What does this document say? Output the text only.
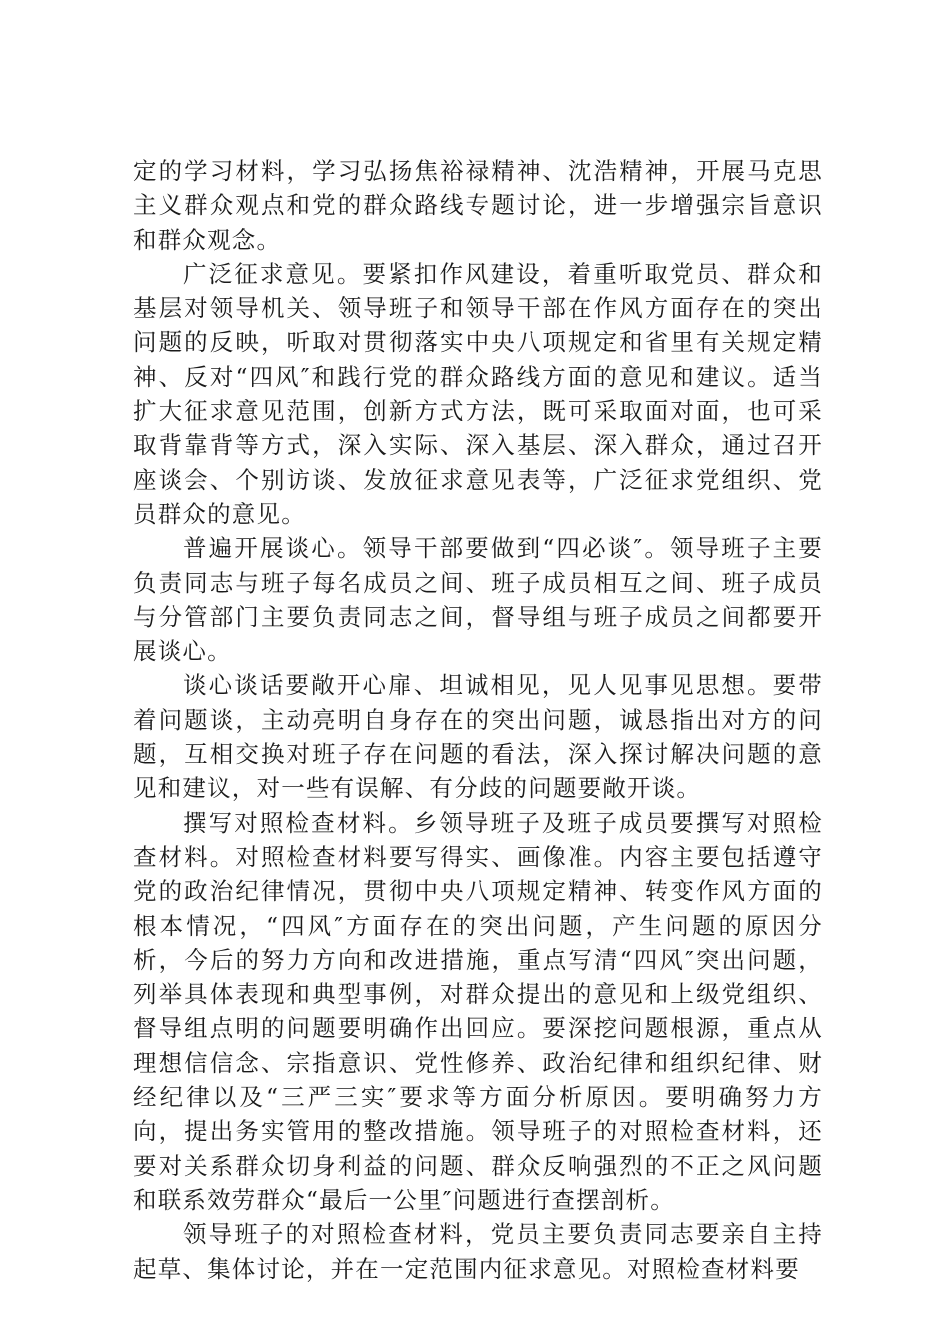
定的学习材料，学习弘扬焦裕禄精神、沈浩精神，开展马克思主义群众观点和党的群众路线专题讨论，进一步增强宗旨意识和群众观念。

广泛征求意见。要紧扣作风建设，着重听取党员、群众和基层对领导机关、领导班子和领导干部在作风方面存在的突出问题的反映，听取对贯彻落实中央八项规定和省里有关规定精神、反对“四风″和践行党的群众路线方面的意见和建议。适当扩大征求意见范围，创新方式方法，既可采取面对面，也可采取背靠背等方式，深入实际、深入基层、深入群众，通过召开座谈会、个别访谈、发放征求意见表等，广泛征求党组织、党员群众的意见。

普遍开展谈心。领导干部要做到“四必谈″。领导班子主要负责同志与班子每名成员之间、班子成员相互之间、班子成员与分管部门主要负责同志之间，督导组与班子成员之间都要开展谈心。

谈心谈话要敞开心扉、坦诚相见，见人见事见思想。要带着问题谈，主动亮明自身存在的突出问题，诚恳指出对方的问题，互相交换对班子存在问题的看法，深入探讨解决问题的意见和建议，对一些有误解、有分歧的问题要敞开谈。

撰写对照检查材料。乡领导班子及班子成员要撰写对照检查材料。对照检查材料要写得实、画像准。内容主要包括遵守党的政治纪律情况，贯彻中央八项规定精神、转变作风方面的根本情况，“四风″方面存在的突出问题，产生问题的原因分析，今后的努力方向和改进措施，重点写清“四风″突出问题，列举具体表现和典型事例，对群众提出的意见和上级党组织、督导组点明的问题要明确作出回应。要深挖问题根源，重点从理想信信念、宗指意识、党性修养、政治纪律和组织纪律、财经纪律以及“三严三实″要求等方面分析原因。要明确努力方向，提出务实管用的整改措施。领导班子的对照检查材料，还要对关系群众切身利益的问题、群众反响强烈的不正之风问题和联系效劳群众“最后一公里″问题进行查摆剖析。

领导班子的对照检查材料，党员主要负责同志要亲自主持起草、集体讨论，并在一定范围内征求意见。对照检查材料要
